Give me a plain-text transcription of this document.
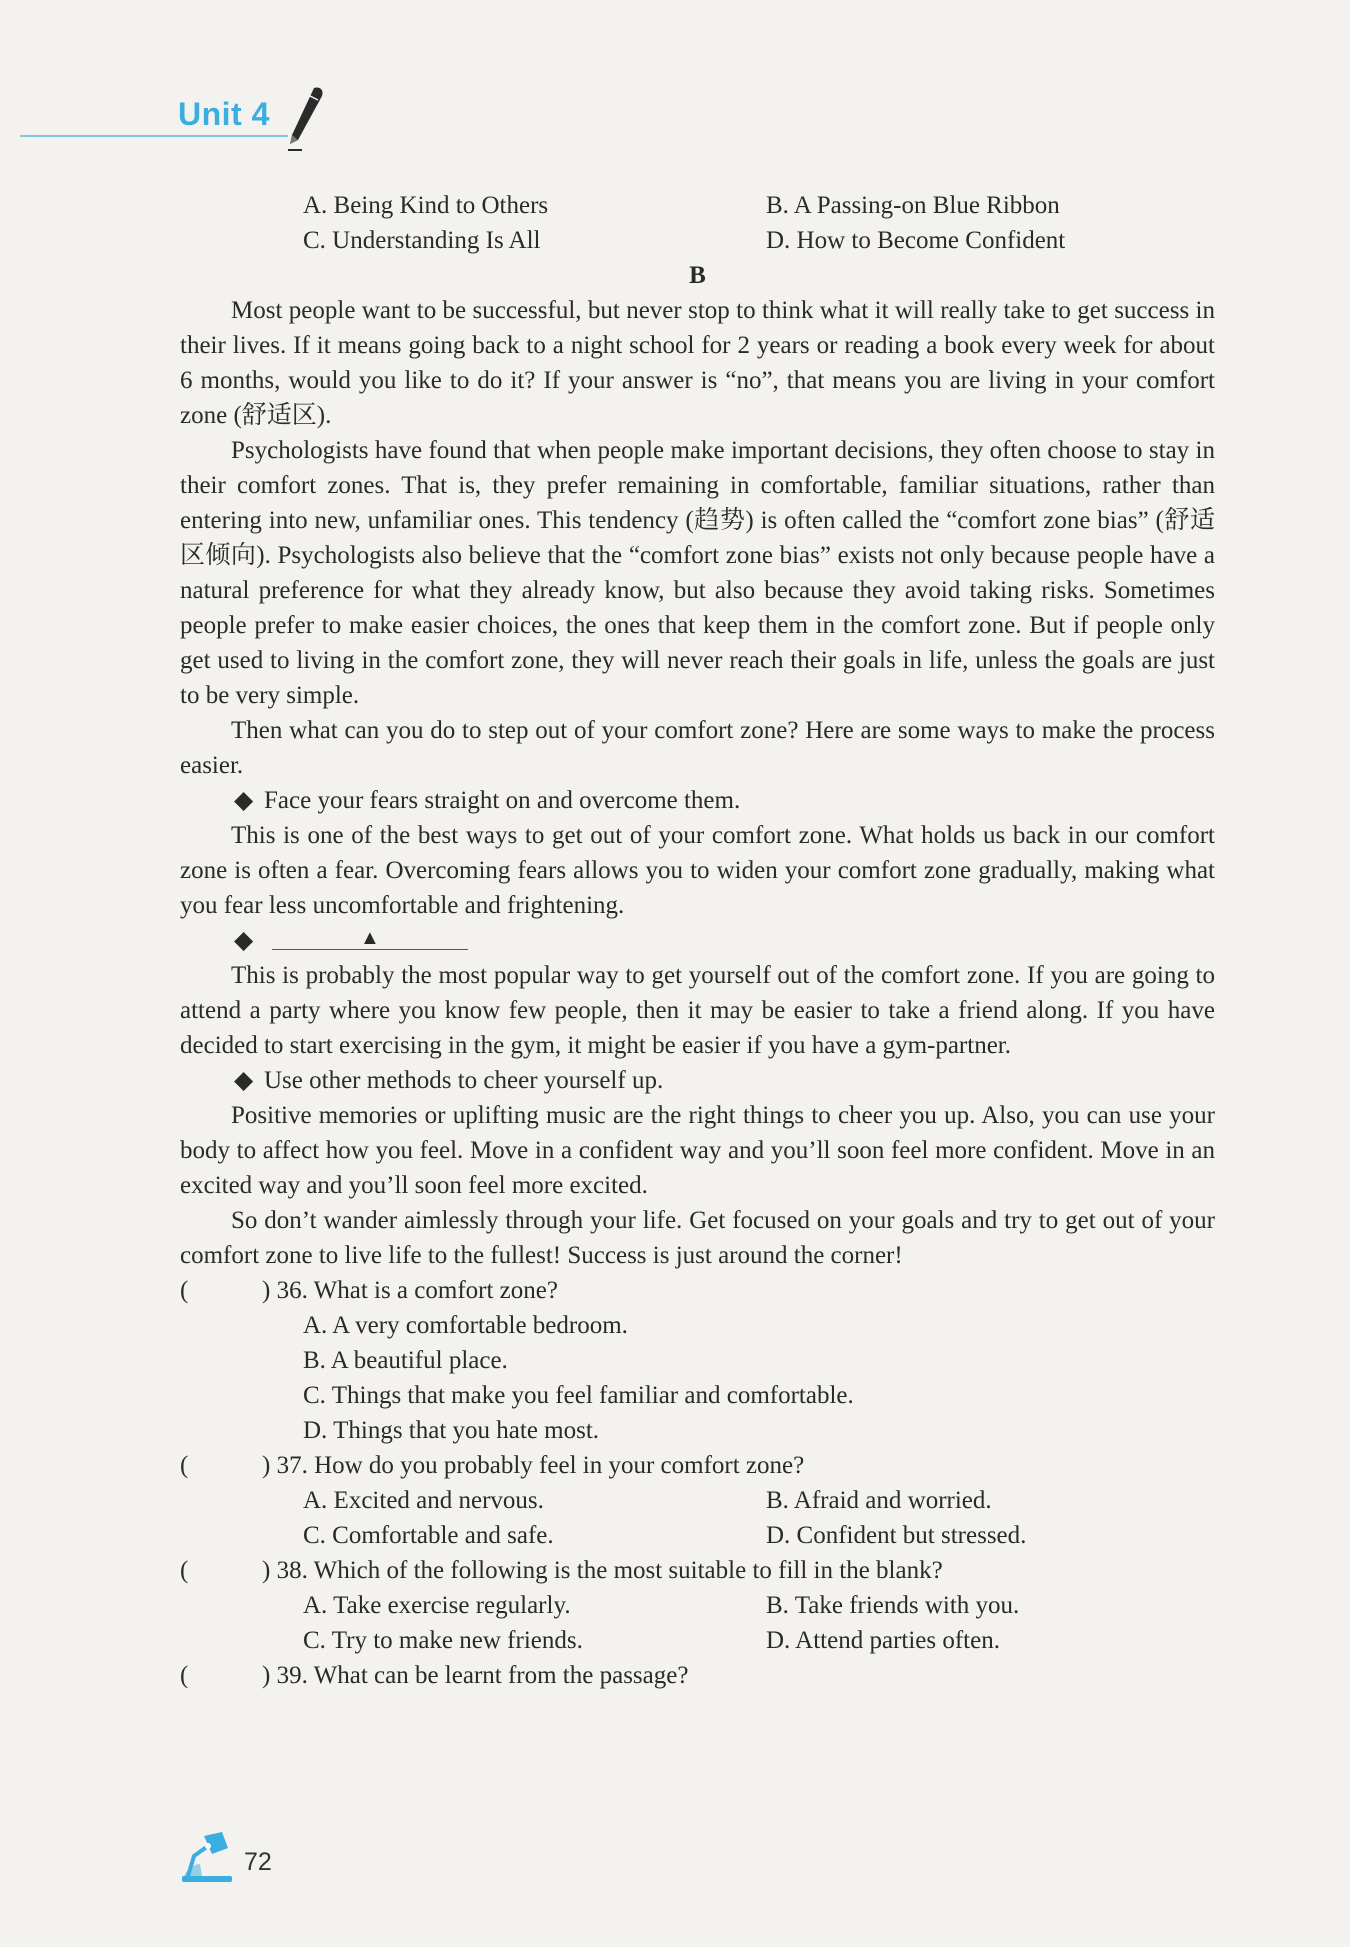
Unit 4
A. Being Kind to Others	B. A Passing-on Blue Ribbon
C. Understanding Is All	D. How to Become Confident
B

Most people want to be successful, but never stop to think what it will really take to get success in their lives. If it means going back to a night school for 2 years or reading a book every week for about 6 months, would you like to do it? If your answer is “no”, that means you are living in your comfort zone (舒适区).

Psychologists have found that when people make important decisions, they often choose to stay in their comfort zones. That is, they prefer remaining in comfortable, familiar situations, rather than entering into new, unfamiliar ones. This tendency (趋势) is often called the “comfort zone bias” (舒适区倾向). Psychologists also believe that the “comfort zone bias” exists not only because people have a natural preference for what they already know, but also because they avoid taking risks. Sometimes people prefer to make easier choices, the ones that keep them in the comfort zone. But if people only get used to living in the comfort zone, they will never reach their goals in life, unless the goals are just to be very simple.

Then what can you do to step out of your comfort zone? Here are some ways to make the process easier.

◆ Face your fears straight on and overcome them.

This is one of the best ways to get out of your comfort zone. What holds us back in our comfort zone is often a fear. Overcoming fears allows you to widen your comfort zone gradually, making what you fear less uncomfortable and frightening.

◆	▲

This is probably the most popular way to get yourself out of the comfort zone. If you are going to attend a party where you know few people, then it may be easier to take a friend along. If you have decided to start exercising in the gym, it might be easier if you have a gym-partner.

◆ Use other methods to cheer yourself up.

Positive memories or uplifting music are the right things to cheer you up. Also, you can use your body to affect how you feel. Move in a confident way and you’ll soon feel more confident. Move in an excited way and you’ll soon feel more excited.

So don’t wander aimlessly through your life. Get focused on your goals and try to get out of your comfort zone to live life to the fullest! Success is just around the corner!

(	) 36. What is a comfort zone?
A. A very comfortable bedroom.
B. A beautiful place.
C. Things that make you feel familiar and comfortable.
D. Things that you hate most.
(	) 37. How do you probably feel in your comfort zone?
A. Excited and nervous.	B. Afraid and worried.
C. Comfortable and safe.	D. Confident but stressed.
(	) 38. Which of the following is the most suitable to fill in the blank?
A. Take exercise regularly.	B. Take friends with you.
C. Try to make new friends.	D. Attend parties often.
(	) 39. What can be learnt from the passage?
72
